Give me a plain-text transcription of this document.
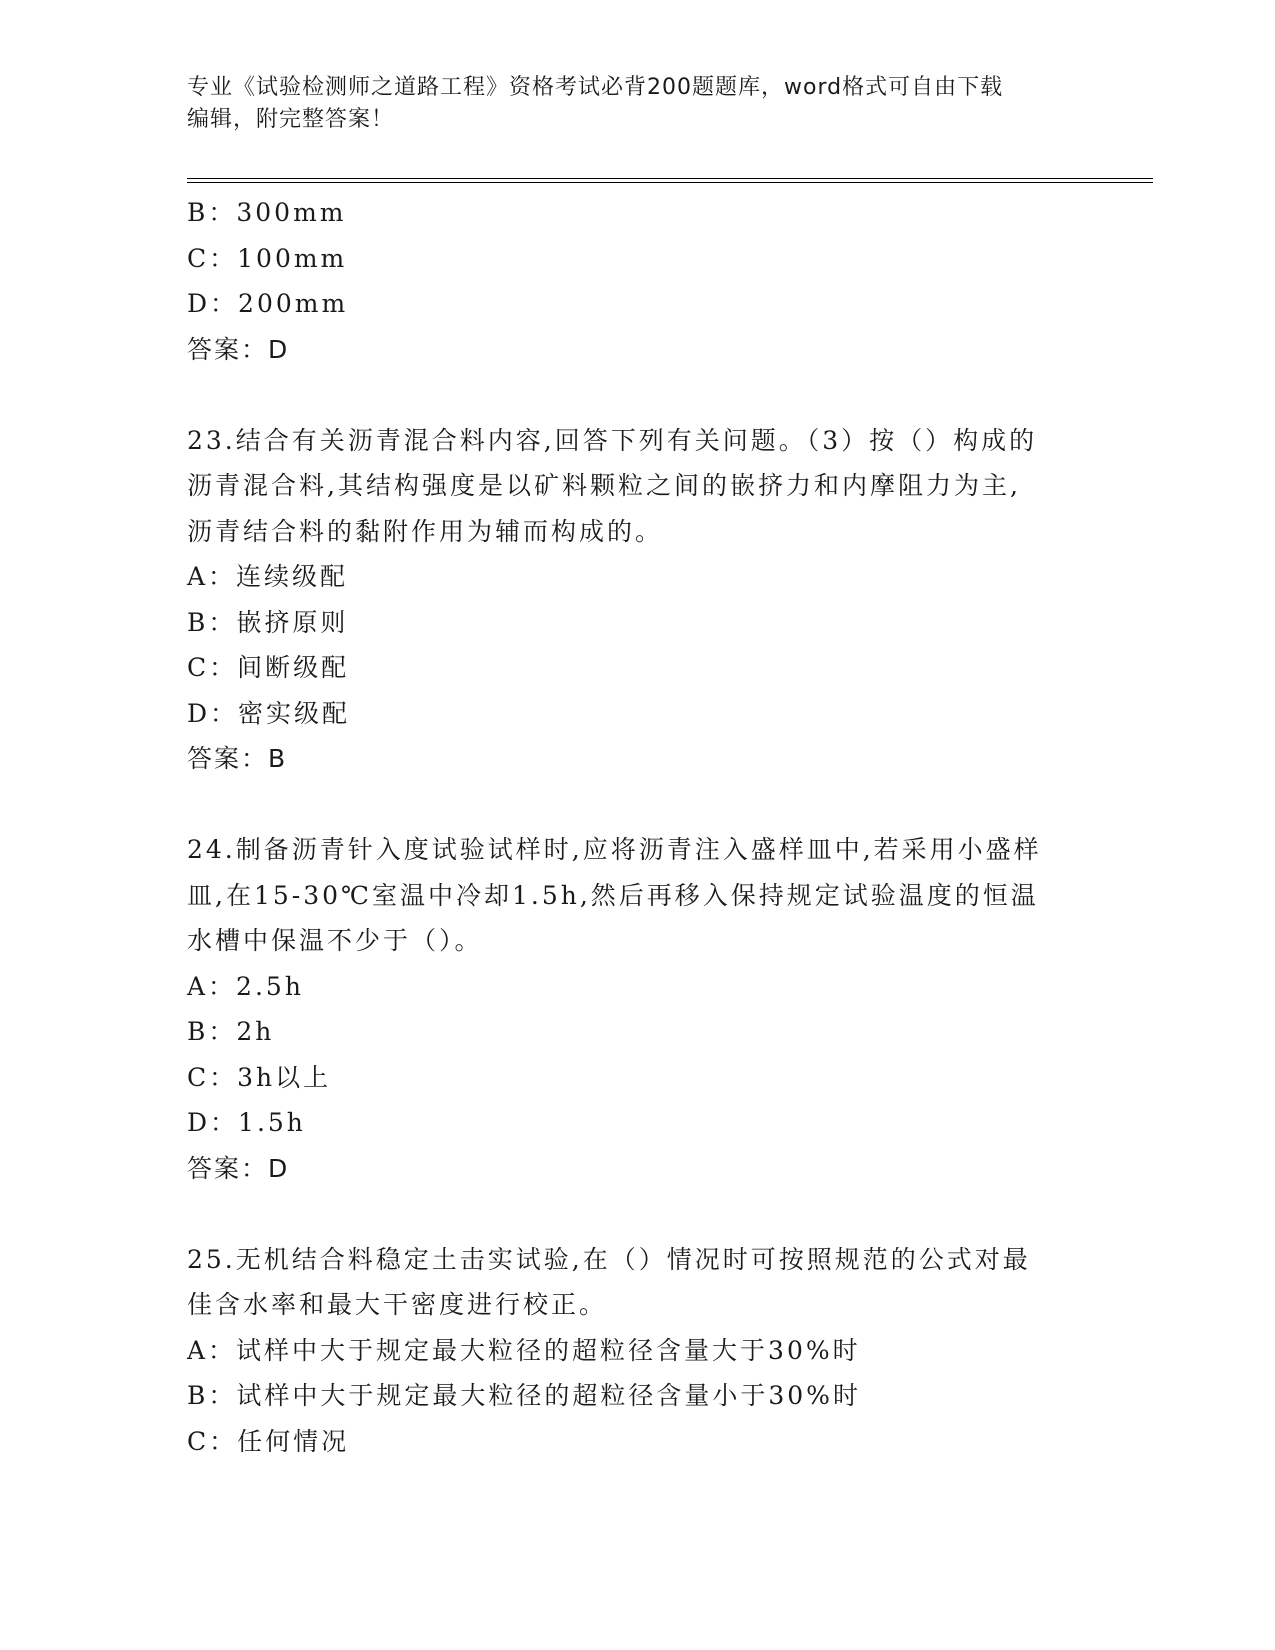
专业《试验检测师之道路工程》资格考试必背200题题库，word格式可自由下载
编辑，附完整答案！
B：300mm
C：100mm
D：200mm
答案：D
23.结合有关沥青混合料内容,回答下列有关问题。（3）按（）构成的
沥青混合料,其结构强度是以矿料颗粒之间的嵌挤力和内摩阻力为主,
沥青结合料的黏附作用为辅而构成的。
A：连续级配
B：嵌挤原则
C：间断级配
D：密实级配
答案：B
24.制备沥青针入度试验试样时,应将沥青注入盛样皿中,若采用小盛样
皿,在15-30℃室温中冷却1.5h,然后再移入保持规定试验温度的恒温
水槽中保温不少于（）。
A：2.5h
B：2h
C：3h以上
D：1.5h
答案：D
25.无机结合料稳定土击实试验,在（）情况时可按照规范的公式对最
佳含水率和最大干密度进行校正。
A：试样中大于规定最大粒径的超粒径含量大于30%时
B：试样中大于规定最大粒径的超粒径含量小于30%时
C：任何情况
